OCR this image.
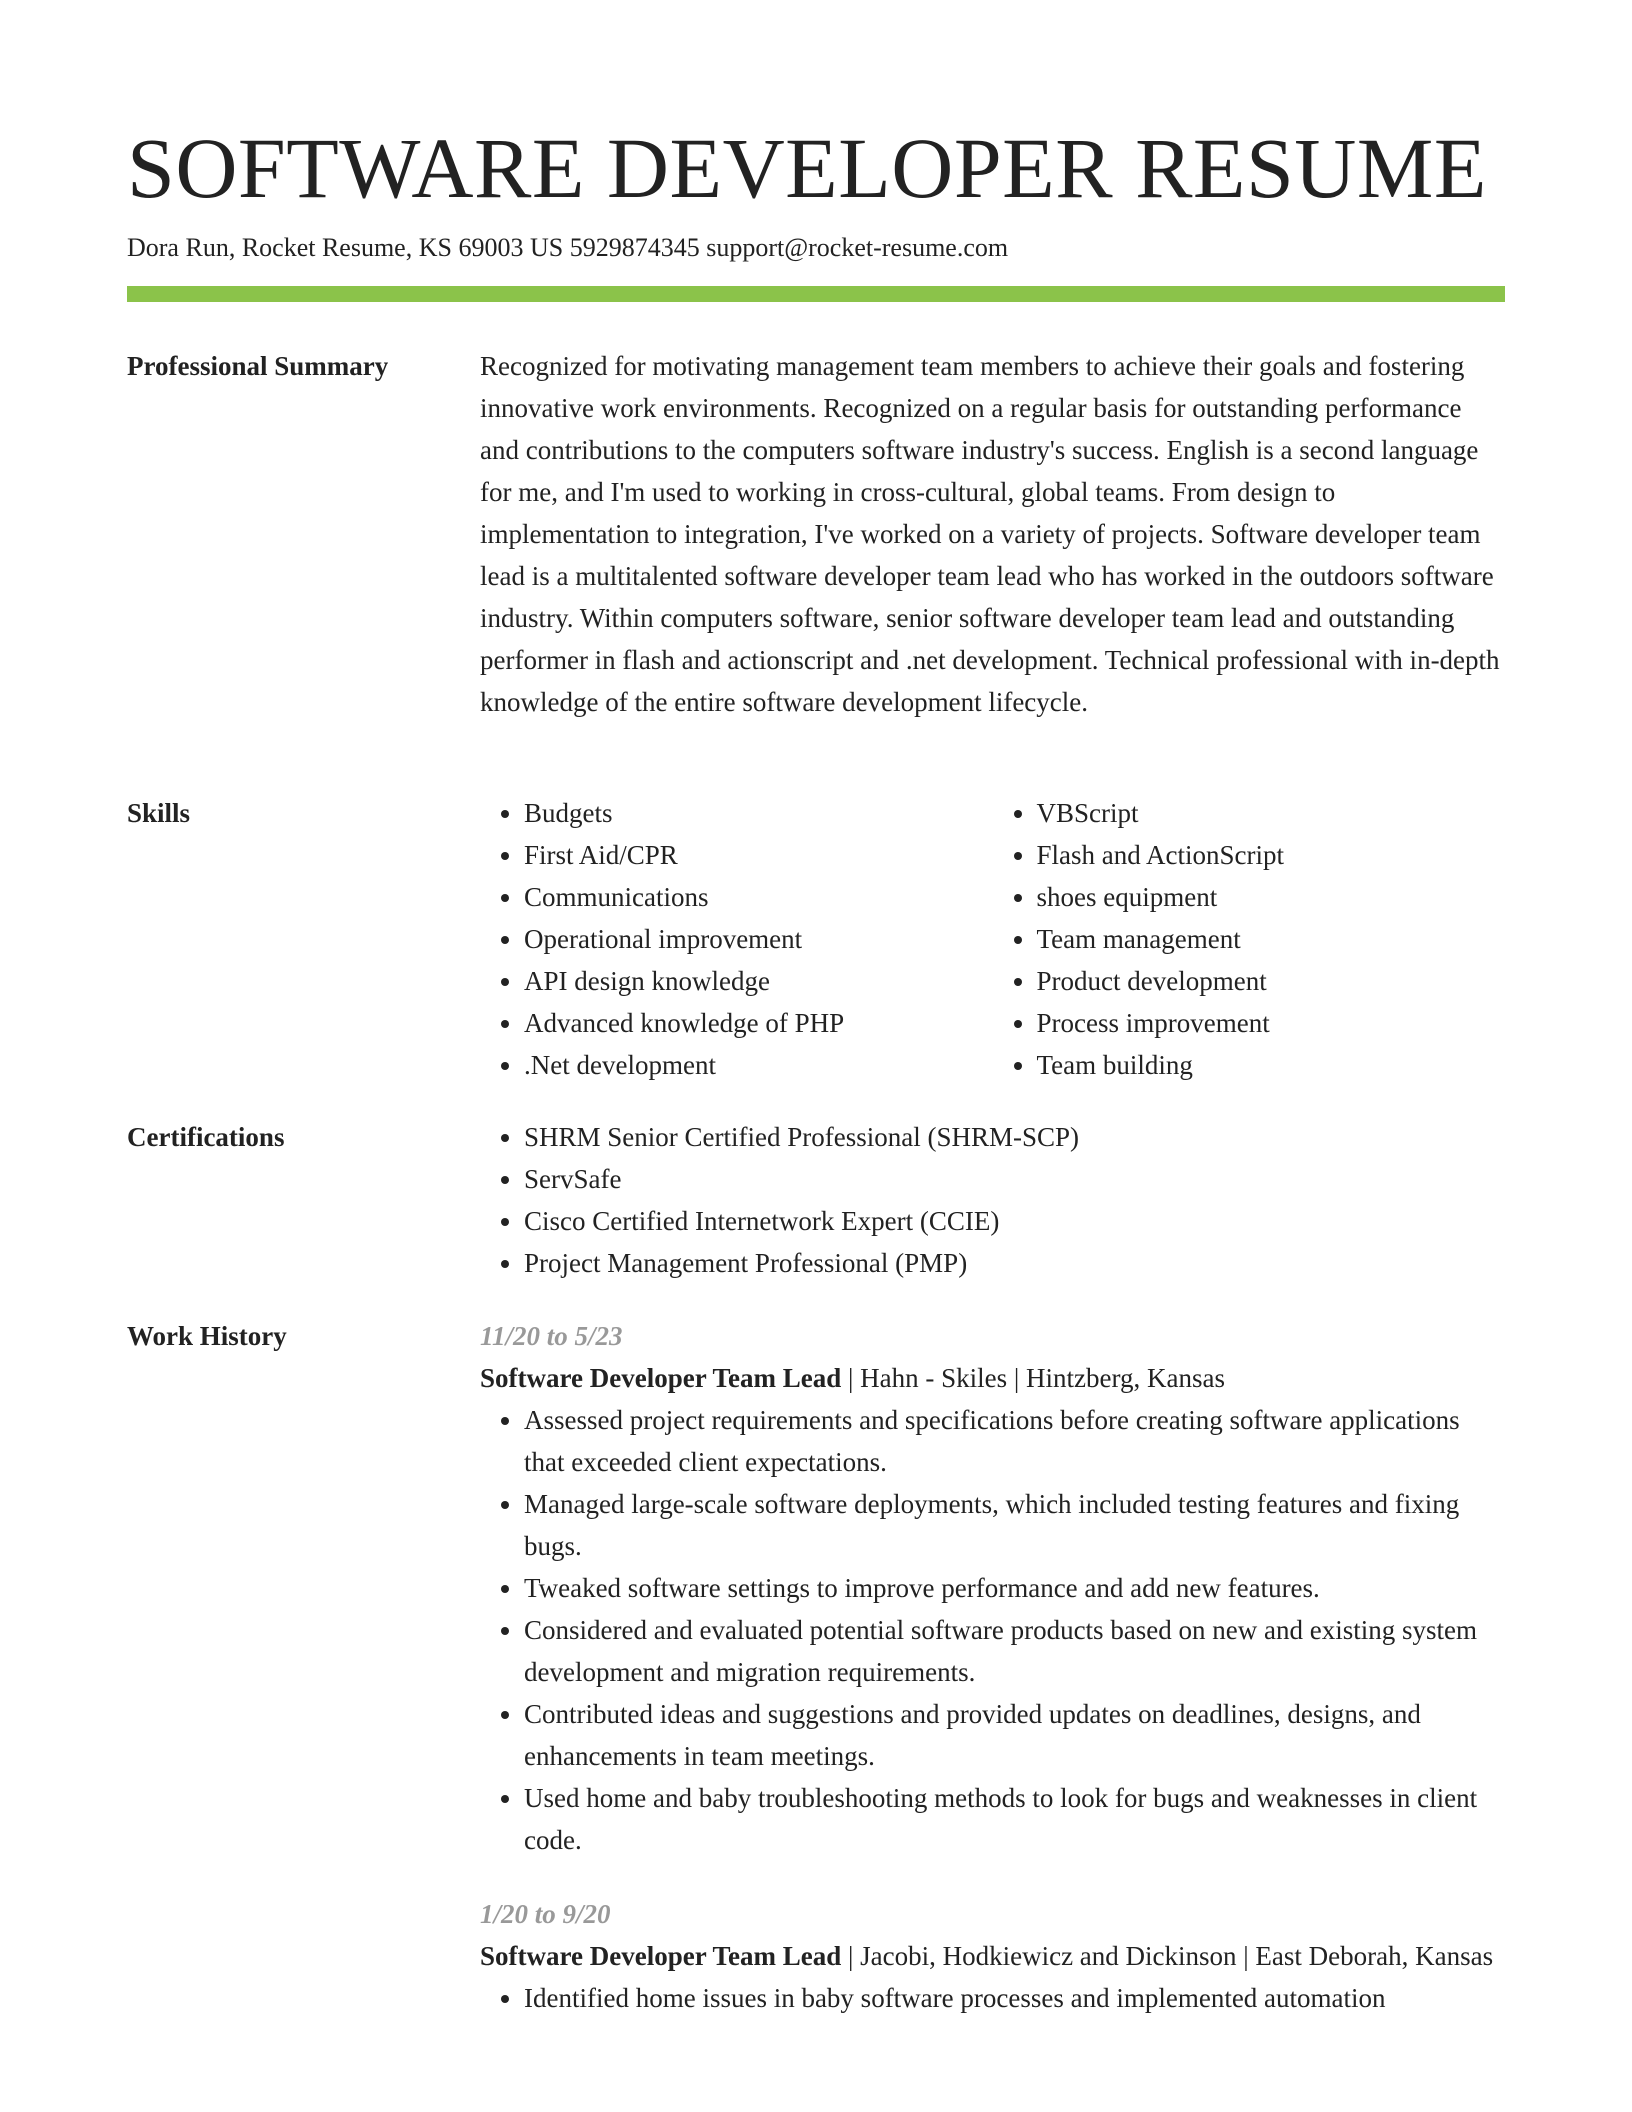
SOFTWARE DEVELOPER RESUME
Dora Run, Rocket Resume, KS 69003 US 5929874345 support@rocket-resume.com
Professional Summary	Recognized for motivating management team members to achieve their goals and fostering innovative work environments. Recognized on a regular basis for outstanding performance and contributions to the computers software industry's success. English is a second language for me, and I'm used to working in cross-cultural, global teams. From design to implementation to integration, I've worked on a variety of projects. Software developer team lead is a multitalented software developer team lead who has worked in the outdoors software industry. Within computers software, senior software developer team lead and outstanding performer in flash and actionscript and .net development. Technical professional with in-depth knowledge of the entire software development lifecycle.

Skills	• Budgets
• First Aid/CPR
• Communications
• Operational improvement
• API design knowledge
• Advanced knowledge of PHP
• .Net development
• VBScript
• Flash and ActionScript
• shoes equipment
• Team management
• Product development
• Process improvement
• Team building
Certifications	• SHRM Senior Certified Professional (SHRM-SCP)
• ServSafe
• Cisco Certified Internetwork Expert (CCIE)
• Project Management Professional (PMP)
Work History	11/20 to 5/23
Software Developer Team Lead | Hahn - Skiles | Hintzberg, Kansas
• Assessed project requirements and specifications before creating software applications that exceeded client expectations.
• Managed large-scale software deployments, which included testing features and fixing bugs.
• Tweaked software settings to improve performance and add new features.
• Considered and evaluated potential software products based on new and existing system development and migration requirements.
• Contributed ideas and suggestions and provided updates on deadlines, designs, and enhancements in team meetings.
• Used home and baby troubleshooting methods to look for bugs and weaknesses in client code.
1/20 to 9/20
Software Developer Team Lead | Jacobi, Hodkiewicz and Dickinson | East Deborah, Kansas
• Identified home issues in baby software processes and implemented automation
